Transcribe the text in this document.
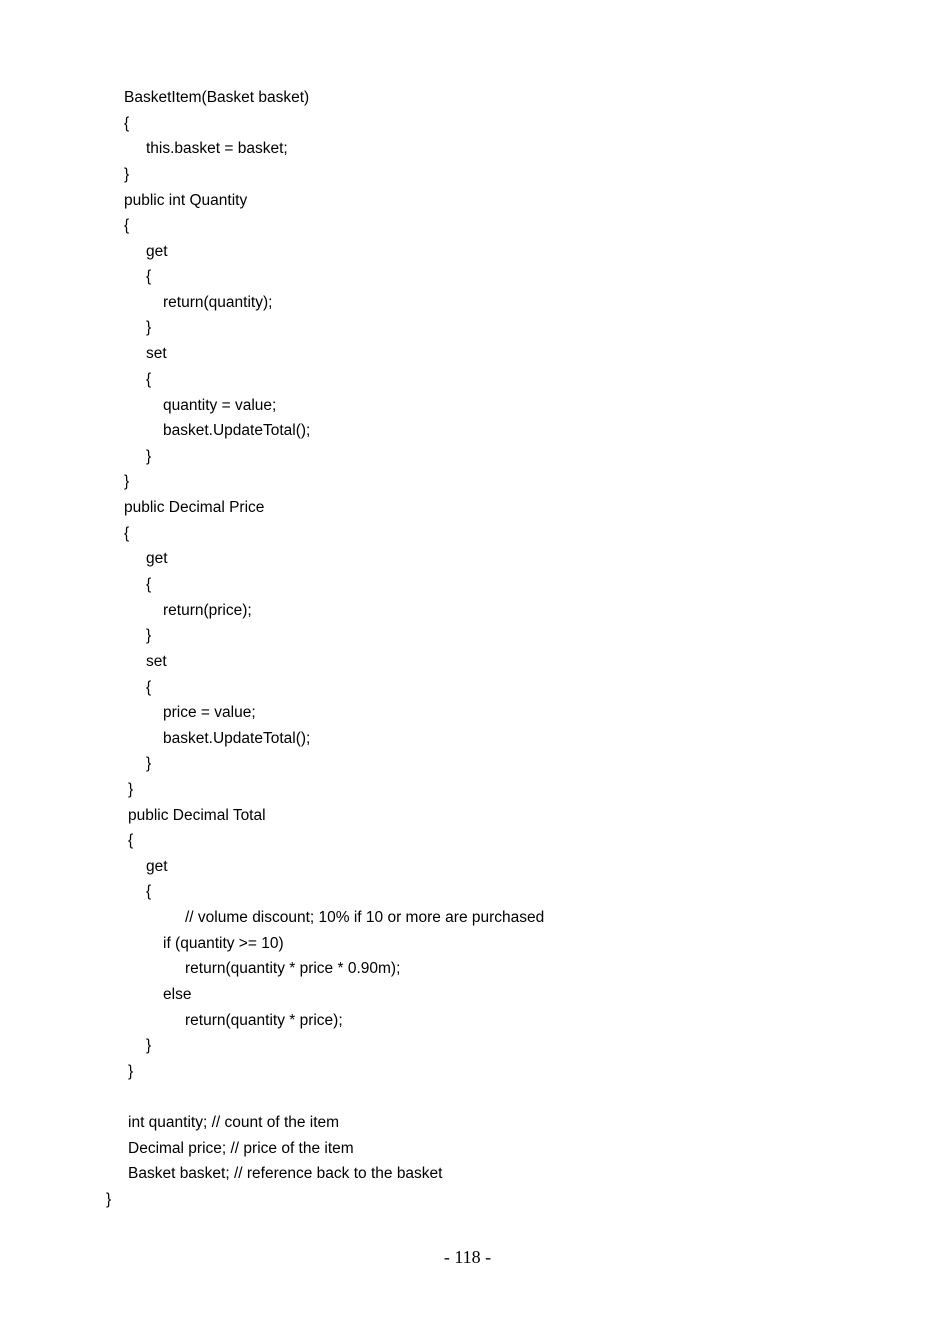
BasketItem(Basket basket)
{
this.basket = basket;
}
public int Quantity
{
get
{
return(quantity);
}
set
{
quantity = value;
basket.UpdateTotal();
}
}
public Decimal Price
{
get
{
return(price);
}
set
{
price = value;
basket.UpdateTotal();
}
}
public Decimal Total
{
get
{
// volume discount; 10% if 10 or more are purchased
if (quantity >= 10)
return(quantity * price * 0.90m);
else
return(quantity * price);
}
}
int quantity; // count of the item
Decimal price; // price of the item
Basket basket; // reference back to the basket
}
- 118 -
